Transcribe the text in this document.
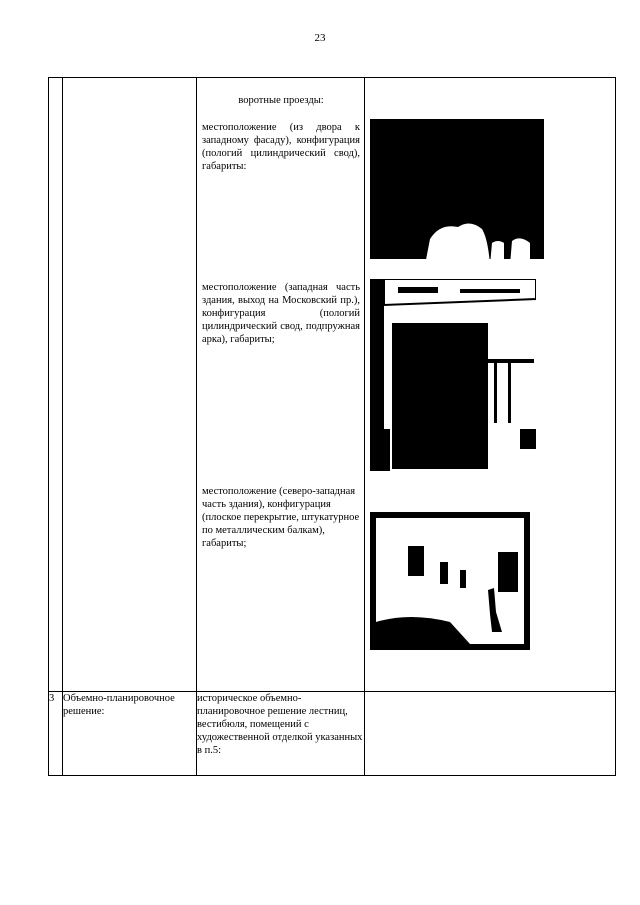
23

		воротные проезды:
местоположение (из двора к западному фасаду), конфигурация (пологий цилиндрический свод), габариты:
местоположение (западная часть здания, выход на Московский пр.), конфигурация (пологий цилиндрический свод, подпружная арка), габариты;
местоположение (северо-западная часть здания), конфигурация (плоское перекрытие, штукатурное по металлическим балкам), габариты;

3	Объемно-планировочное решение:	историческое объемно-планировочное решение лестниц, вестибюля, помещений с художественной отделкой указанных в п.5:	
